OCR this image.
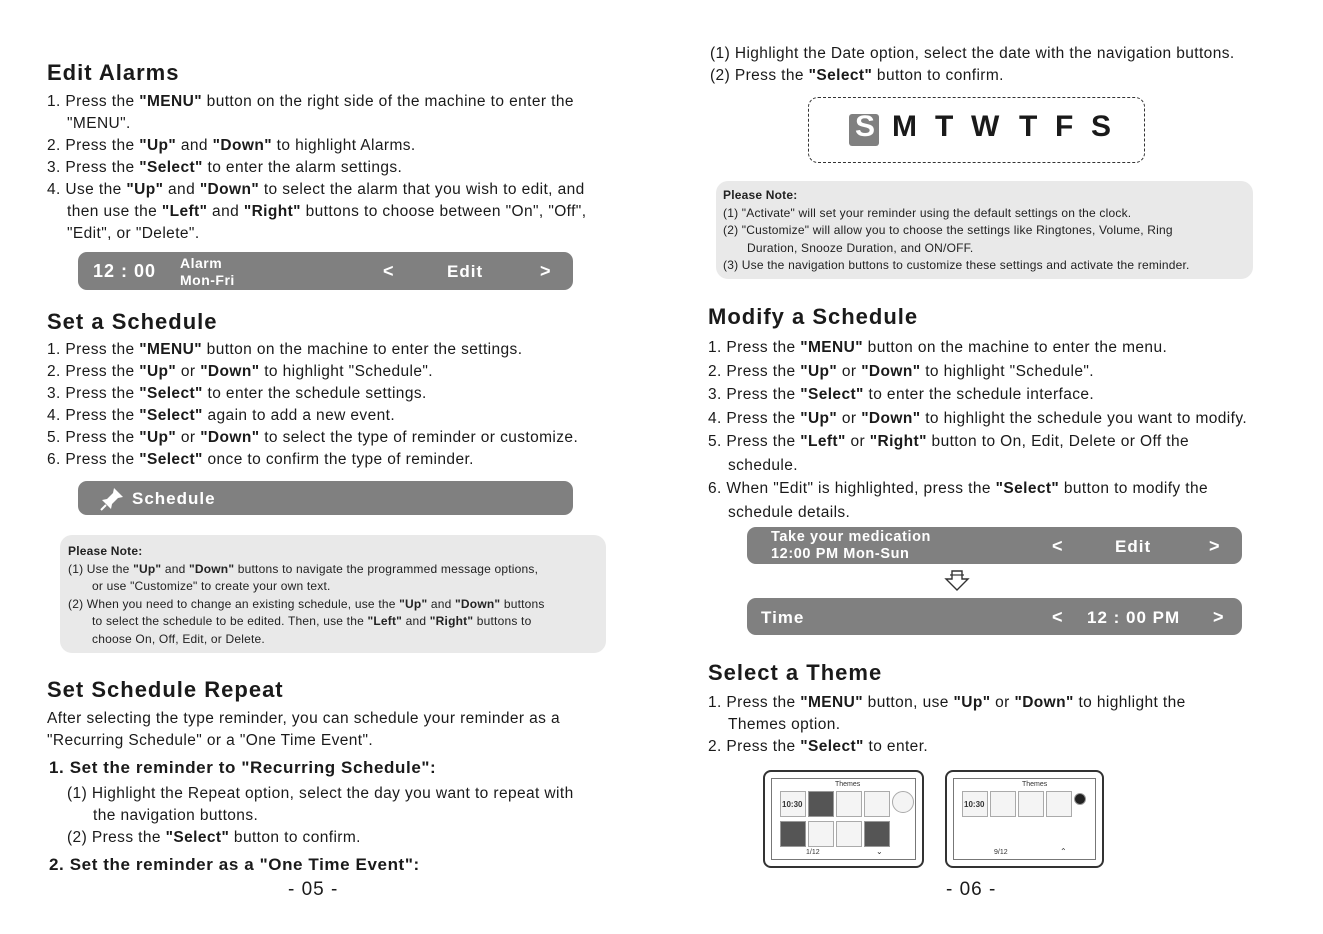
Edit Alarms
1. Press the "MENU" button on the right side of the machine to enter the
"MENU".
2. Press the "Up" and "Down" to highlight Alarms.
3. Press the "Select" to enter the alarm settings.
4. Use the "Up" and "Down" to select the alarm that you wish to edit, and
then use the "Left" and "Right" buttons to choose between "On", "Off",
"Edit", or "Delete".
12 : 00 Alarm
Mon-Fri	<	Edit	>
Set a Schedule
1. Press the "MENU" button on the machine to enter the settings.
2. Press the "Up" or "Down" to highlight "Schedule".
3. Press the "Select" to enter the schedule settings.
4. Press the "Select" again to add a new event.
5. Press the "Up" or "Down" to select the type of reminder or customize.
6. Press the "Select" once to confirm the type of reminder.
Schedule
Please Note:
(1) Use the "Up" and "Down" buttons to navigate the programmed message options,
or use "Customize" to create your own text.
(2) When you need to change an existing schedule, use the "Up" and "Down" buttons
to select the schedule to be edited. Then, use the "Left" and "Right" buttons to
choose On, Off, Edit, or Delete.
Set Schedule Repeat
After selecting the type reminder, you can schedule your reminder as a
"Recurring Schedule" or a "One Time Event".
1. Set the reminder to "Recurring Schedule":
(1) Highlight the Repeat option, select the day you want to repeat with
the navigation buttons.
(2) Press the "Select" button to confirm.
2. Set the reminder as a "One Time Event":
- 05 -
(1) Highlight the Date option, select the date with the navigation buttons.
(2) Press the "Select" button to confirm.
S M T W T F S
Please Note:
(1) "Activate" will set your reminder using the default settings on the clock.
(2) "Customize" will allow you to choose the settings like Ringtones, Volume, Ring
Duration, Snooze Duration, and ON/OFF.
(3) Use the navigation buttons to customize these settings and activate the reminder.
Modify a Schedule
1. Press the "MENU" button on the machine to enter the menu.
2. Press the "Up" or "Down" to highlight "Schedule".
3. Press the "Select" to enter the schedule interface.
4. Press the "Up" or "Down" to highlight the schedule you want to modify.
5. Press the "Left" or "Right" button to On, Edit, Delete or Off the
schedule.
6. When "Edit" is highlighted, press the "Select" button to modify the
schedule details.
Take your medication
12:00 PM Mon-Sun	<	Edit	>
Time	< 12 : 00 PM >
Select a Theme
1. Press the "MENU" button, use "Up" or "Down" to highlight the
Themes option.
2. Press the "Select" to enter.
Themes
10:30
1/12	⌄
Themes
10:30
9/12	⌃
- 06 -
